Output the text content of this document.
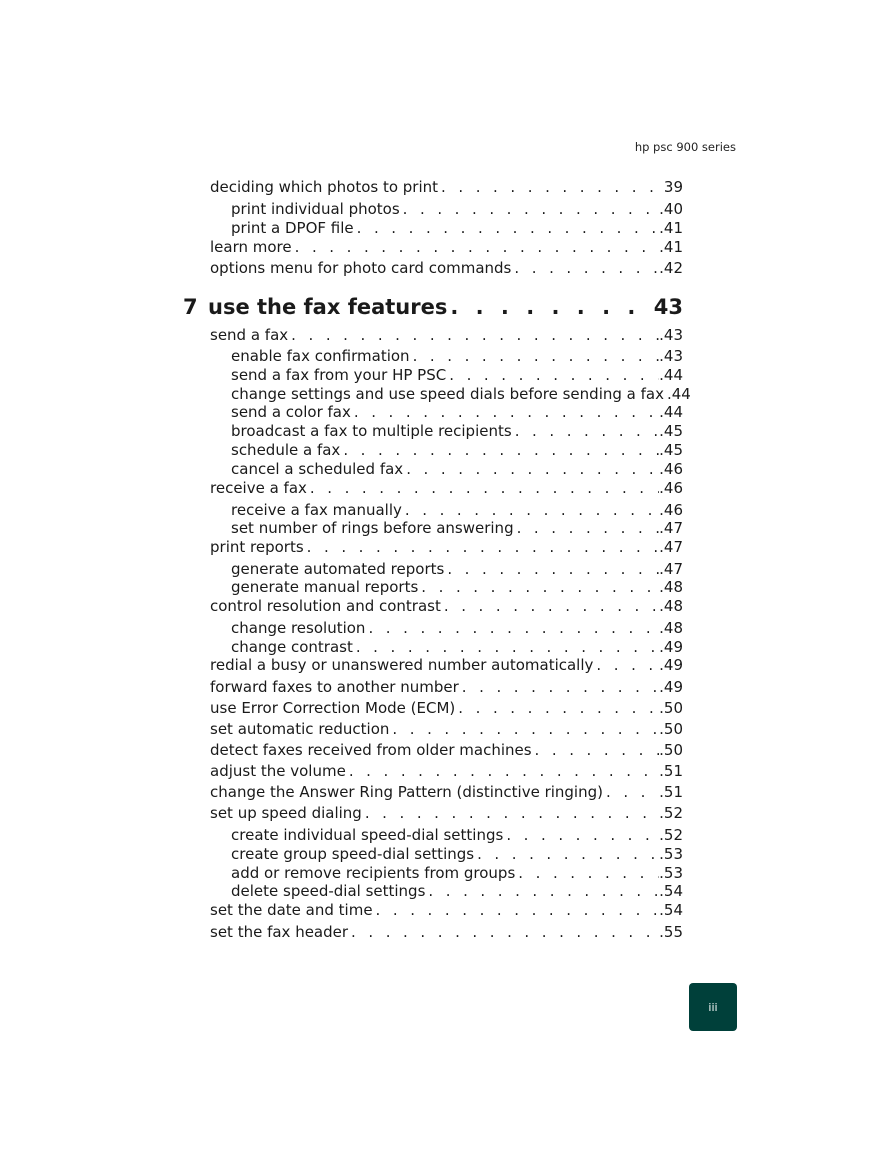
hp psc 900 series
deciding which photos to print . . .	39
print individual photos . . .	.40
print a DPOF file . . .	.41
learn more . . .	.41
options menu for photo card commands . . .	.42
7 use the fax features . . .	43
send a fax . . .	.43
enable fax confirmation . . .	.43
send a fax from your HP PSC . . .	.44
change settings and use speed dials before sending a fax .44
send a color fax . . .	.44
broadcast a fax to multiple recipients . . .	.45
schedule a fax . . .	.45
cancel a scheduled fax . . .	.46
receive a fax . . .	.46
receive a fax manually . . .	.46
set number of rings before answering . . .	.47
print reports . . .	.47
generate automated reports . . .	.47
generate manual reports . . .	.48
control resolution and contrast . . .	.48
change resolution . . .	.48
change contrast . . .	.49
redial a busy or unanswered number automatically . . .	.49
forward faxes to another number . . .	.49
use Error Correction Mode (ECM) . . .	.50
set automatic reduction . . .	.50
detect faxes received from older machines . . .	.50
adjust the volume . . .	.51
change the Answer Ring Pattern (distinctive ringing) . . .	.51
set up speed dialing . . .	.52
create individual speed-dial settings . . .	.52
create group speed-dial settings . . .	.53
add or remove recipients from groups . . .	.53
delete speed-dial settings . . .	.54
set the date and time . . .	.54
set the fax header . . .	.55
iii
